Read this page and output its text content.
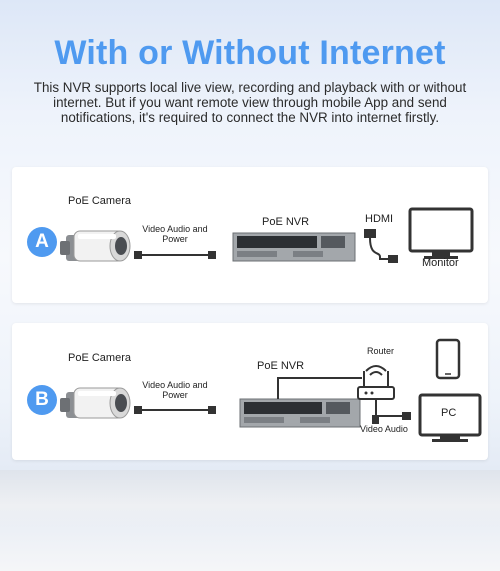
With or Without Internet
This NVR supports local live view, recording and playback with or without internet. But if you want remote view through mobile App and send notifications, it's required to connect the NVR into internet firstly.
A
PoE Camera
Video Audio and Power
PoE NVR	HDMI
Monitor
B
PoE Camera
Video Audio and Power
PoE NVR
Router
PC
Video Audio
